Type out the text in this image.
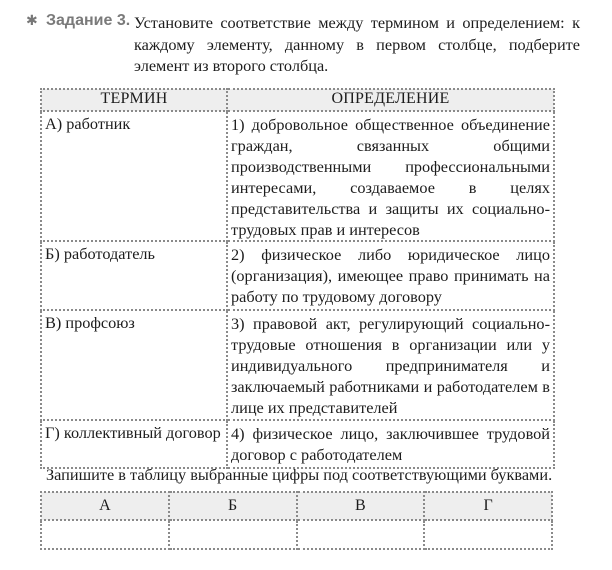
✱ Задание 3. Установите соответствие между термином и определением: к каждому элементу, данному в первом столбце, подберите элемент из второго столбца.

ТЕРМИН	ОПРЕДЕЛЕНИЕ
А) работник	1) добровольное общественное объединение граждан, связанных общими производственными профессиональными интересами, создаваемое в целях представительства и защиты их социально-трудовых прав и интересов
Б) работодатель	2) физическое либо юридическое лицо (организация), имеющее право принимать на работу по трудовому договору
В) профсоюз	3) правовой акт, регулирующий социально-трудовые отношения в организации или у индивидуального предпринимателя и заключаемый работниками и работодателем в лице их представителей
Г) коллективный договор	4) физическое лицо, заключившее трудовой договор с работодателем
Запишите в таблицу выбранные цифры под соответствующими буквами.
А	Б	В	Г
